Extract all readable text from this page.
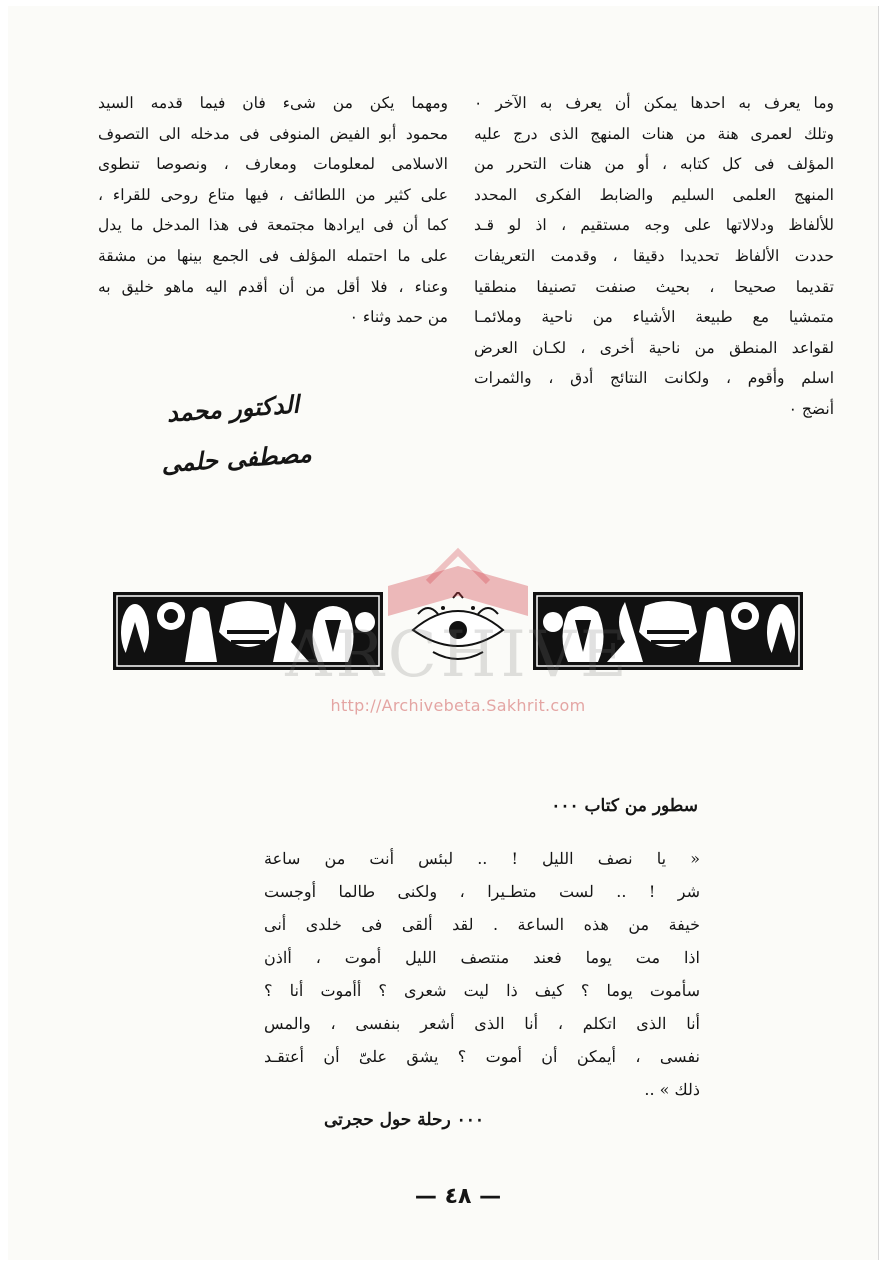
وما يعرف به احدها يمكن أن يعرف به الآخر ٠
وتلك لعمرى هنة من هنات المنهج الذى درج عليه
المؤلف فى كل كتابه ، أو من هنات التحرر من
المنهج العلمى السليم والضابط الفكرى المحدد
للألفاظ ودلالاتها على وجه مستقيم ، اذ لو قـد
حددت الألفاظ تحديدا دقيقا ، وقدمت التعريفات
تقديما صحيحا ، بحيث صنفت تصنيفا منطقيا
متمشيا مع طبيعة الأشياء من ناحية وملائمـا
لقواعد المنطق من ناحية أخرى ، لكـان العرض
اسلم وأقوم ، ولكانت النتائج أدق ، والثمرات
أنضج ٠
ومهما يكن من شىء فان فيما قدمه السيد
محمود أبو الفيض المنوفى فى مدخله الى التصوف
الاسلامى لمعلومات ومعارف ، ونصوصا تنطوى
على كثير من اللطائف ، فيها متاع روحى للقراء ،
كما أن فى ايرادها مجتمعة فى هذا المدخل ما يدل
على ما احتمله المؤلف فى الجمع بينها من مشقة
وعناء ، فلا أقل من أن أقدم اليه ماهو خليق به
من حمد وثناء ٠
الدكتور محمد مصطفى حلمى
ARCHIVE
http://Archivebeta.Sakhrit.com
سطور من كتاب ٠٠٠
« يا نصف الليل ! .. لبئس أنت من ساعة
شر ! .. لست متطـيرا ، ولكنى طالما أوجست
خيفة من هذه الساعة . لقد ألقى فى خلدى أنى
اذا مت يوما فعند منتصف الليل أموت ، أاذن
سأموت يوما ؟ كيف ذا ليت شعرى ؟ أأموت أنا ؟
أنا الذى اتكلم ، أنا الذى أشعر بنفسى ، والمس
نفسى ، أيمكن أن أموت ؟ يشق علىّ أن أعتقـد
ذلك » ..
٠٠٠ رحلة حول حجرتى
— ٤٨ —
